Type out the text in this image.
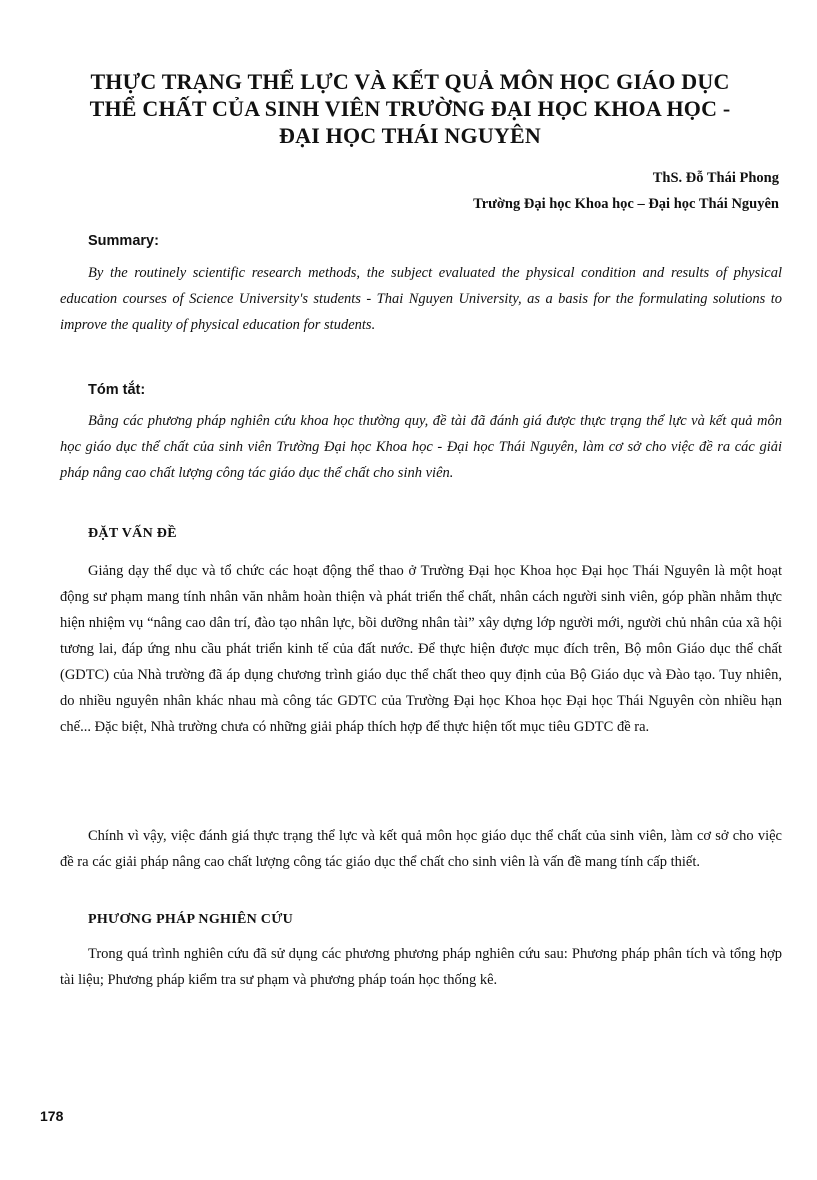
THỰC TRẠNG THỂ LỰC VÀ KẾT QUẢ MÔN HỌC GIÁO DỤC
THỂ CHẤT CỦA SINH VIÊN TRƯỜNG ĐẠI HỌC KHOA HỌC -
ĐẠI HỌC THÁI NGUYÊN
ThS. Đỗ Thái Phong
Trường Đại học Khoa học – Đại học Thái Nguyên

Summary:

By the routinely scientific research methods, the subject evaluated the physical condition and results of physical education courses of Science University's students - Thai Nguyen University, as a basis for the formulating solutions to improve the quality of physical education for students.

Tóm tắt:

Bằng các phương pháp nghiên cứu khoa học thường quy, đề tài đã đánh giá được thực trạng thể lực và kết quả môn học giáo dục thể chất của sinh viên Trường Đại học Khoa học - Đại học Thái Nguyên, làm cơ sở cho việc đề ra các giải pháp nâng cao chất lượng công tác giáo dục thể chất cho sinh viên.

ĐẶT VẤN ĐỀ

Giảng dạy thể dục và tổ chức các hoạt động thể thao ở Trường Đại học Khoa học Đại học Thái Nguyên là một hoạt động sư phạm mang tính nhân văn nhằm hoàn thiện và phát triển thể chất, nhân cách người sinh viên, góp phần nhằm thực hiện nhiệm vụ “nâng cao dân trí, đào tạo nhân lực, bồi dưỡng nhân tài” xây dựng lớp người mới, người chủ nhân của xã hội tương lai, đáp ứng nhu cầu phát triển kinh tế của đất nước. Để thực hiện được mục đích trên, Bộ môn Giáo dục thể chất (GDTC) của Nhà trường đã áp dụng chương trình giáo dục thể chất theo quy định của Bộ Giáo dục và Đào tạo. Tuy nhiên, do nhiều nguyên nhân khác nhau mà công tác GDTC của Trường Đại học Khoa học Đại học Thái Nguyên còn nhiều hạn chế... Đặc biệt, Nhà trường chưa có những giải pháp thích hợp để thực hiện tốt mục tiêu GDTC đề ra.

Chính vì vậy, việc đánh giá thực trạng thể lực và kết quả môn học giáo dục thể chất của sinh viên, làm cơ sở cho việc đề ra các giải pháp nâng cao chất lượng công tác giáo dục thể chất cho sinh viên là vấn đề mang tính cấp thiết.

PHƯƠNG PHÁP NGHIÊN CỨU

Trong quá trình nghiên cứu đã sử dụng các phương phương pháp nghiên cứu sau: Phương pháp phân tích và tổng hợp tài liệu; Phương pháp kiểm tra sư phạm và phương pháp toán học thống kê.

178
